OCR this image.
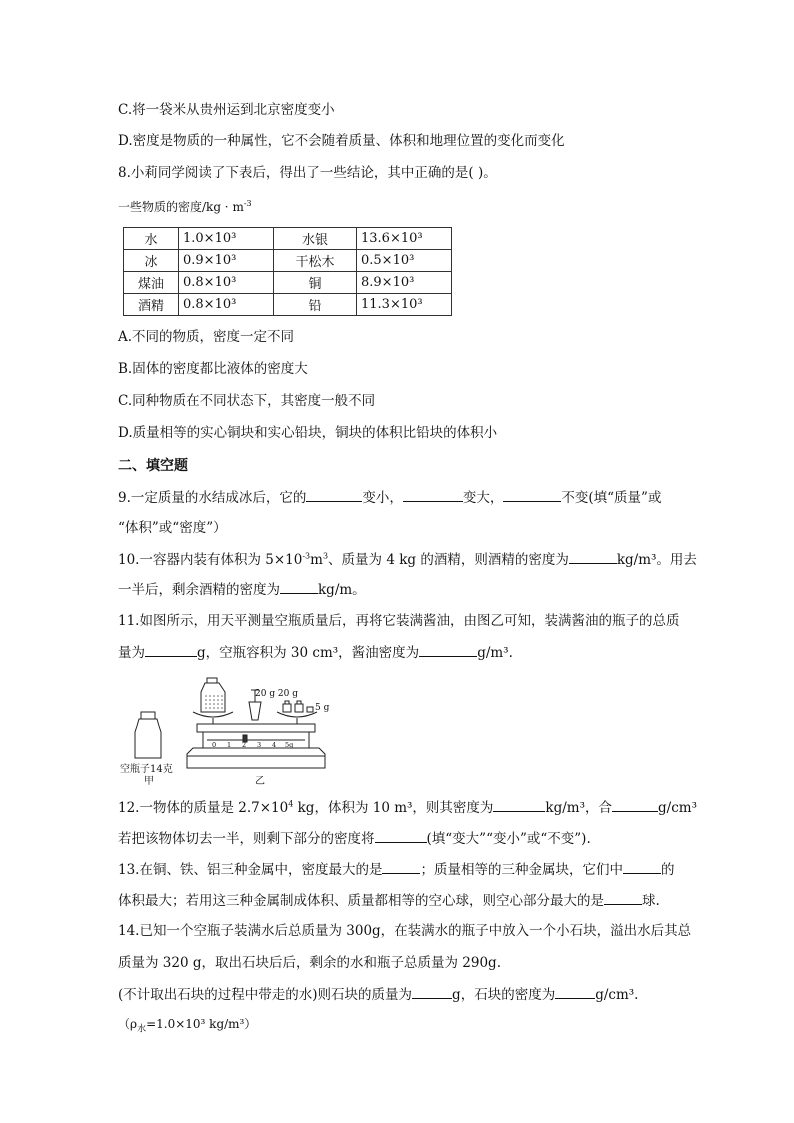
C.将一袋米从贵州运到北京密度变小
D.密度是物质的一种属性，它不会随着质量、体积和地理位置的变化而变化
8.小莉同学阅读了下表后，得出了一些结论，其中正确的是( )。
一些物质的密度$/kg \cdot m^{-3}$
水	1.0×10³	水银	13.6×10³
冰	0.9×10³	干松木	0.5×10³
煤油	0.8×10³	铜	8.9×10³
酒精	0.8×10³	铅	11.3×10³
A.不同的物质，密度一定不同
B.固体的密度都比液体的密度大
C.同种物质在不同状态下，其密度一般不同
D.质量相等的实心铜块和实心铅块，铜块的体积比铅块的体积小
二、填空题
9.一定质量的水结成冰后，它的	变小，	变大，	不变(填“质量”或
“体积”或“密度”）
10.一容器内装有体积为 $5\times 10^{-3}m^3$、质量为 4 kg 的酒精，则酒精的密度为	kg/m³。用去
一半后，剩余酒精的密度为	kg/m。
11.如图所示，用天平测量空瓶质量后，再将它装满酱油，由图乙可知，装满酱油的瓶子的总质
量为	g，空瓶容积为 30 cm³，酱油密度为	g/m³.
空瓶子14克
甲
20 g 20 g
5 g
0 1 2 3 4 5g
乙
12.一物体的质量是 $2.7\times 10^4$ kg，体积为 10 m³，则其密度为	kg/m³，合	g/cm³
若把该物体切去一半，则剩下部分的密度将	(填“变大”“变小”或“不变”).
13.在铜、铁、铝三种金属中，密度最大的是	；质量相等的三种金属块，它们中	的
体积最大；若用这三种金属制成体积、质量都相等的空心球，则空心部分最大的是	球.
14.已知一个空瓶子装满水后总质量为 300g，在装满水的瓶子中放入一个小石块，溢出水后其总
质量为 320 g，取出石块后后，剩余的水和瓶子总质量为 290g.
(不计取出石块的过程中带走的水)则石块的质量为	g，石块的密度为	g/cm³.
（$\rho_水=1.0\times 10^3$ kg/m³）
